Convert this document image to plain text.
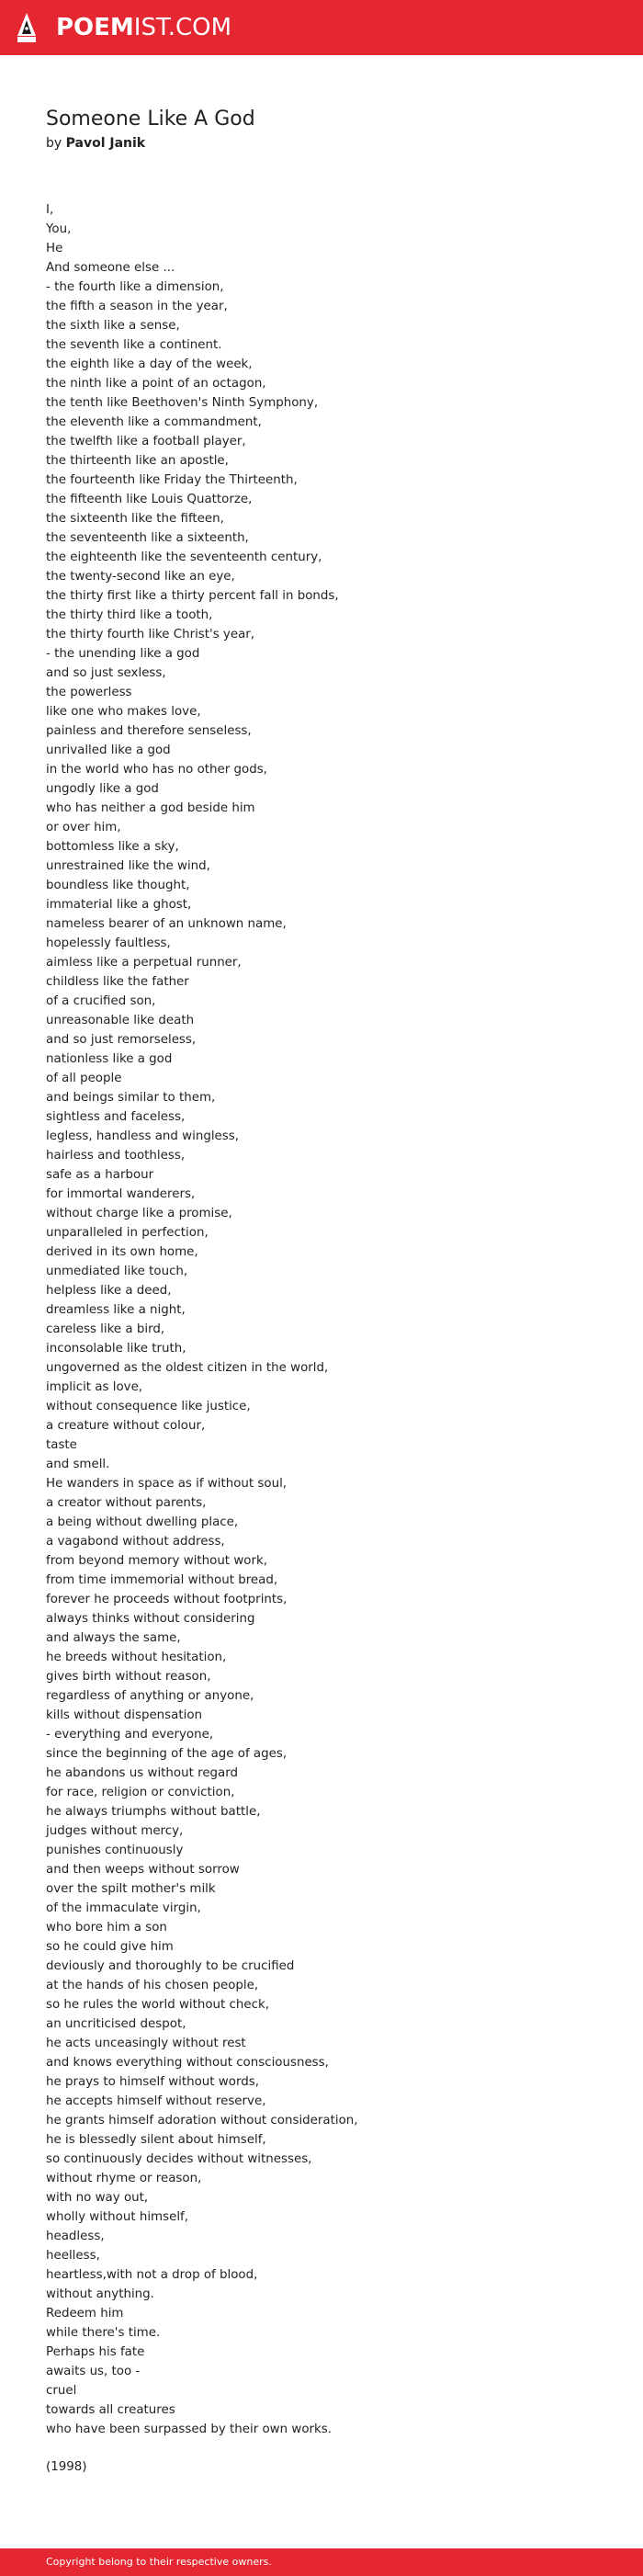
POEMIST.COM
Someone Like A God
by Pavol Janik
I,
You,
He
And someone else ...
- the fourth like a dimension,
the fifth a season in the year,
the sixth like a sense,
the seventh like a continent.
the eighth like a day of the week,
the ninth like a point of an octagon,
the tenth like Beethoven's Ninth Symphony,
the eleventh like a commandment,
the twelfth like a football player,
the thirteenth like an apostle,
the fourteenth like Friday the Thirteenth,
the fifteenth like Louis Quattorze,
the sixteenth like the fifteen,
the seventeenth like a sixteenth,
the eighteenth like the seventeenth century,
the twenty-second like an eye,
the thirty first like a thirty percent fall in bonds,
the thirty third like a tooth,
the thirty fourth like Christ's year,
- the unending like a god
and so just sexless,
the powerless
like one who makes love,
painless and therefore senseless,
unrivalled like a god
in the world who has no other gods,
ungodly like a god
who has neither a god beside him
or over him,
bottomless like a sky,
unrestrained like the wind,
boundless like thought,
immaterial like a ghost,
nameless bearer of an unknown name,
hopelessly faultless,
aimless like a perpetual runner,
childless like the father
of a crucified son,
unreasonable like death
and so just remorseless,
nationless like a god
of all people
and beings similar to them,
sightless and faceless,
legless, handless and wingless,
hairless and toothless,
safe as a harbour
for immortal wanderers,
without charge like a promise,
unparalleled in perfection,
derived in its own home,
unmediated like touch,
helpless like a deed,
dreamless like a night,
careless like a bird,
inconsolable like truth,
ungoverned as the oldest citizen in the world,
implicit as love,
without consequence like justice,
a creature without colour,
taste
and smell.
He wanders in space as if without soul,
a creator without parents,
a being without dwelling place,
a vagabond without address,
from beyond memory without work,
from time immemorial without bread,
forever he proceeds without footprints,
always thinks without considering
and always the same,
he breeds without hesitation,
gives birth without reason,
regardless of anything or anyone,
kills without dispensation
- everything and everyone,
since the beginning of the age of ages,
he abandons us without regard
for race, religion or conviction,
he always triumphs without battle,
judges without mercy,
punishes continuously
and then weeps without sorrow
over the spilt mother's milk
of the immaculate virgin,
who bore him a son
so he could give him
deviously and thoroughly to be crucified
at the hands of his chosen people,
so he rules the world without check,
an uncriticised despot,
he acts unceasingly without rest
and knows everything without consciousness,
he prays to himself without words,
he accepts himself without reserve,
he grants himself adoration without consideration,
he is blessedly silent about himself,
so continuously decides without witnesses,
without rhyme or reason,
with no way out,
wholly without himself,
headless,
heelless,
heartless,with not a drop of blood,
without anything.
Redeem him
while there's time.
Perhaps his fate
awaits us, too -
cruel
towards all creatures
who have been surpassed by their own works.
(1998)
Copyright belong to their respective owners.
